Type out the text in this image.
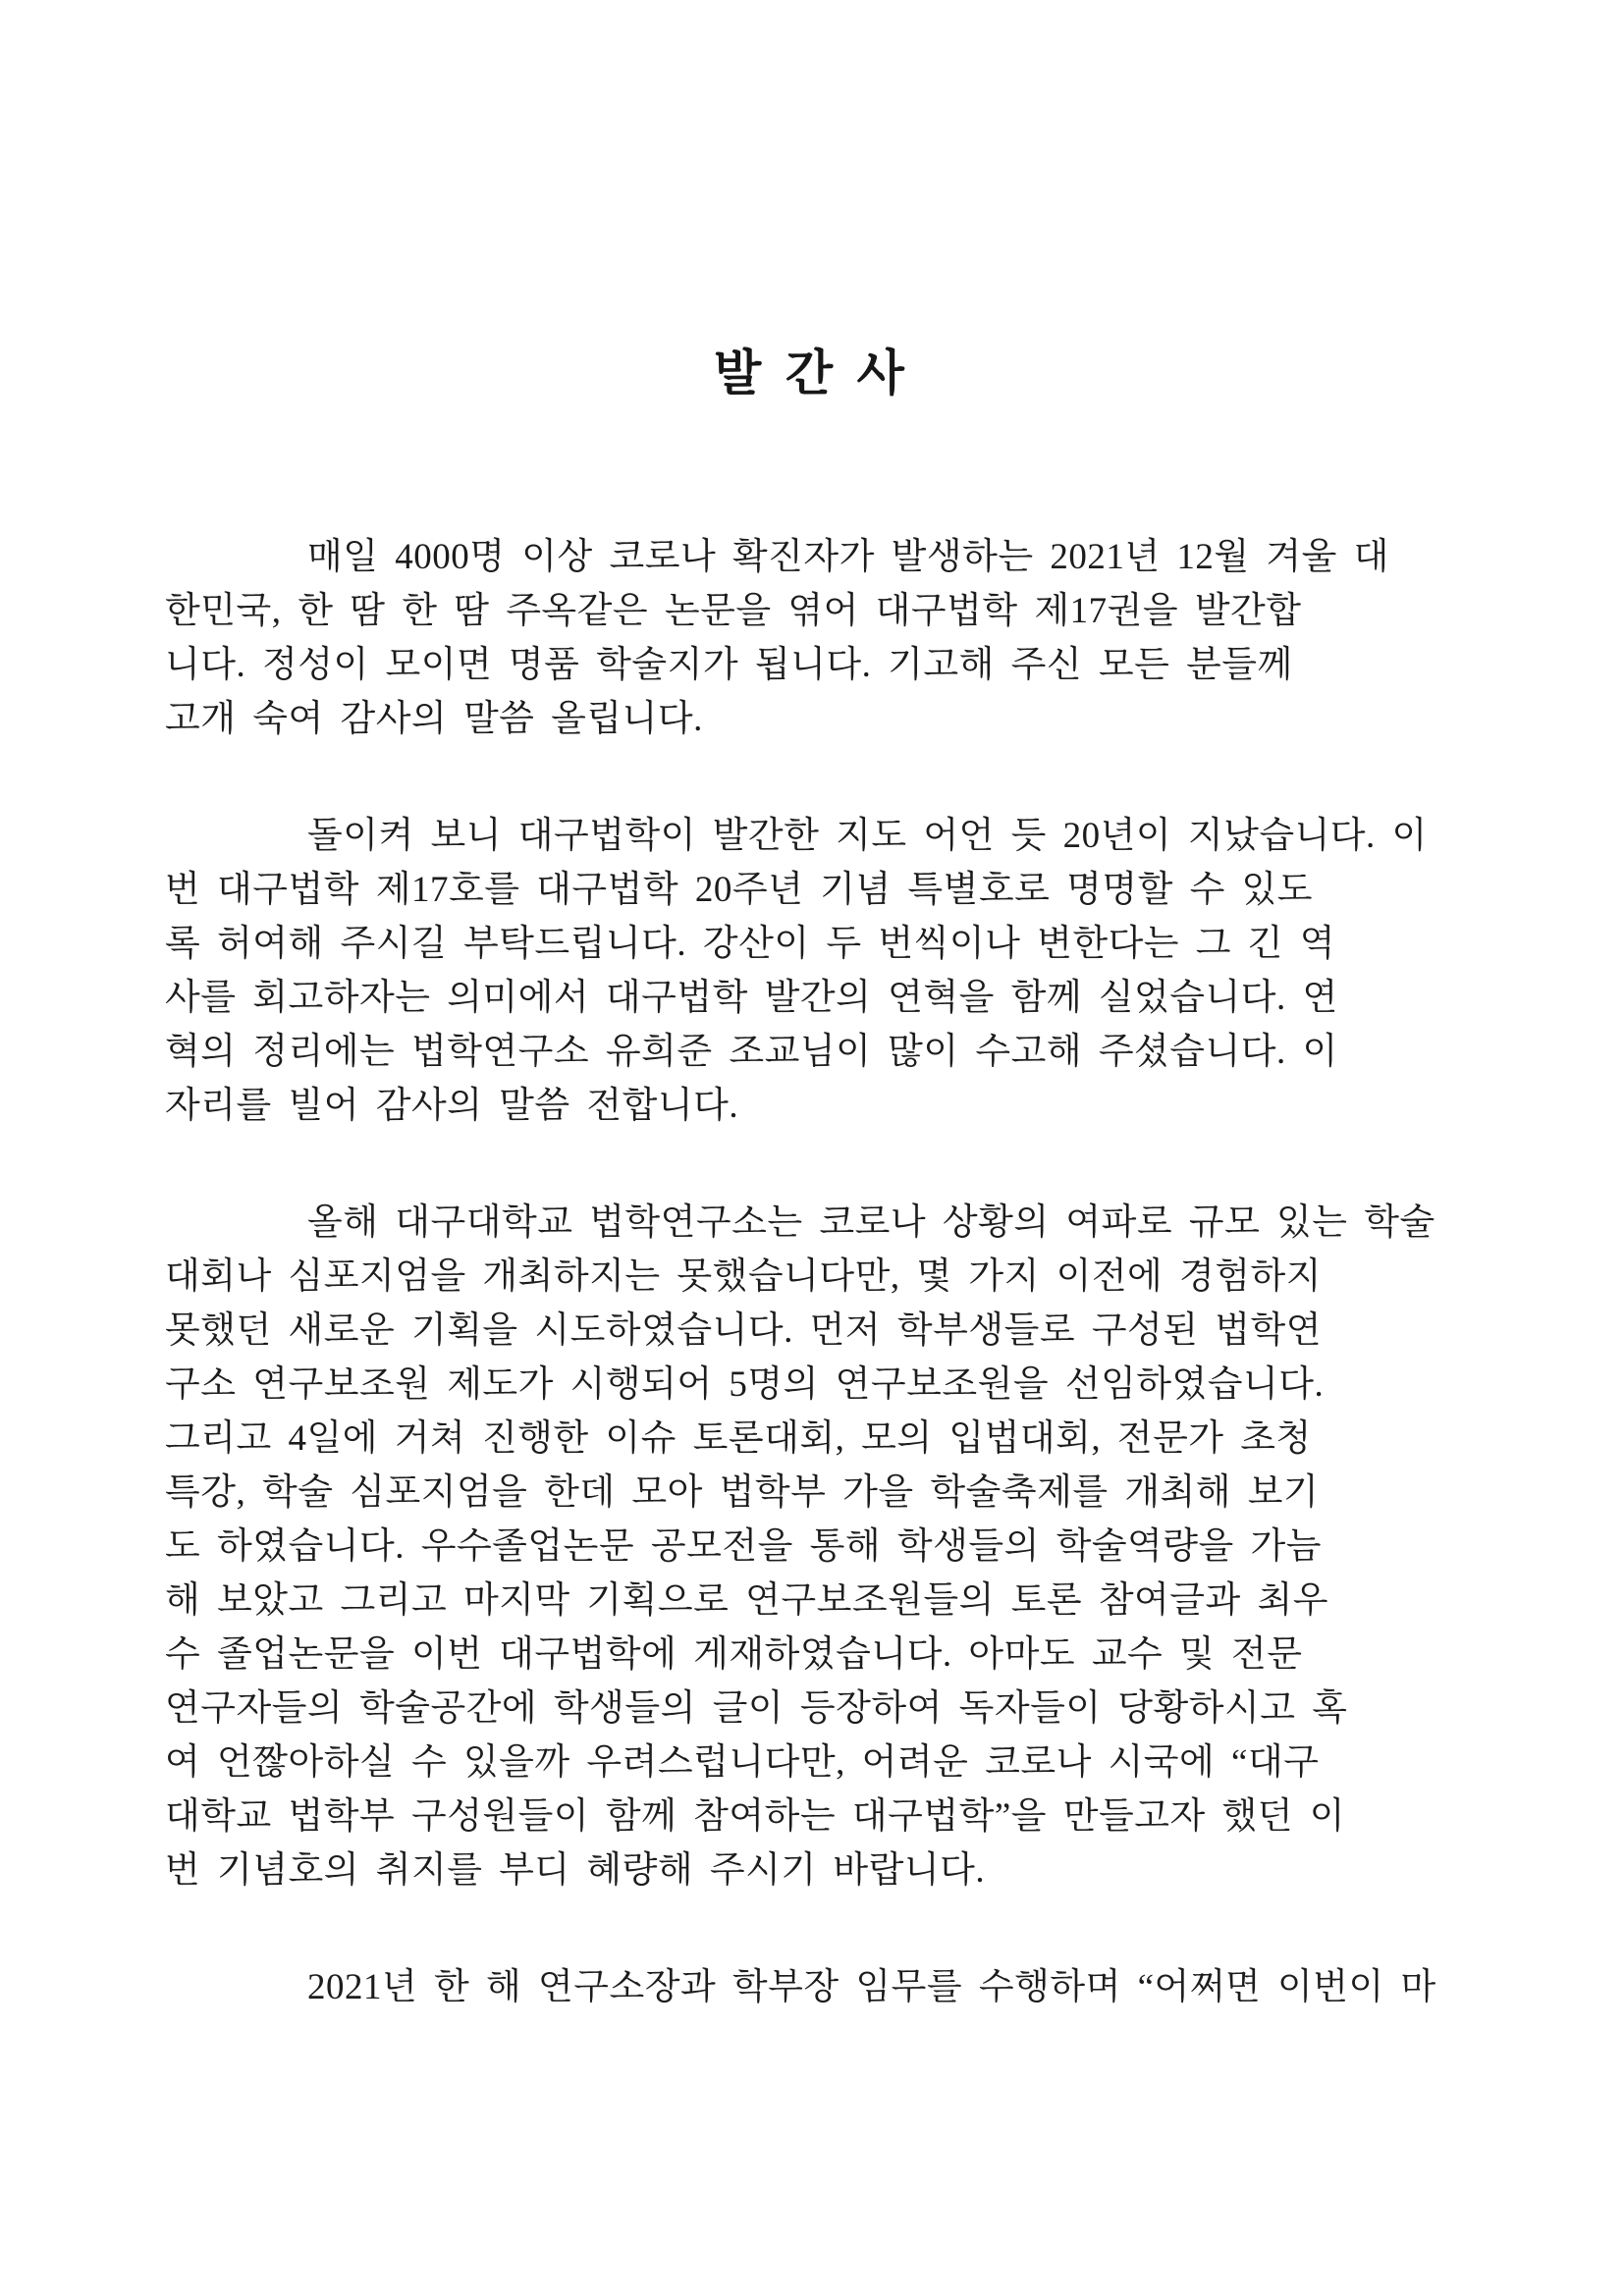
발 간 사
매일 4000명 이상 코로나 확진자가 발생하는 2021년 12월 겨울 대
한민국, 한 땀 한 땀 주옥같은 논문을 엮어 대구법학 제17권을 발간합
니다. 정성이 모이면 명품 학술지가 됩니다. 기고해 주신 모든 분들께
고개 숙여 감사의 말씀 올립니다.
돌이켜 보니 대구법학이 발간한 지도 어언 듯 20년이 지났습니다. 이
번 대구법학 제17호를 대구법학 20주년 기념 특별호로 명명할 수 있도
록 허여해 주시길 부탁드립니다. 강산이 두 번씩이나 변한다는 그 긴 역
사를 회고하자는 의미에서 대구법학 발간의 연혁을 함께 실었습니다. 연
혁의 정리에는 법학연구소 유희준 조교님이 많이 수고해 주셨습니다. 이
자리를 빌어 감사의 말씀 전합니다.
올해 대구대학교 법학연구소는 코로나 상황의 여파로 규모 있는 학술
대회나 심포지엄을 개최하지는 못했습니다만, 몇 가지 이전에 경험하지
못했던 새로운 기획을 시도하였습니다. 먼저 학부생들로 구성된 법학연
구소 연구보조원 제도가 시행되어 5명의 연구보조원을 선임하였습니다.
그리고 4일에 거쳐 진행한 이슈 토론대회, 모의 입법대회, 전문가 초청
특강, 학술 심포지엄을 한데 모아 법학부 가을 학술축제를 개최해 보기
도 하였습니다. 우수졸업논문 공모전을 통해 학생들의 학술역량을 가늠
해 보았고 그리고 마지막 기획으로 연구보조원들의 토론 참여글과 최우
수 졸업논문을 이번 대구법학에 게재하였습니다. 아마도 교수 및 전문
연구자들의 학술공간에 학생들의 글이 등장하여 독자들이 당황하시고 혹
여 언짢아하실 수 있을까 우려스럽니다만, 어려운 코로나 시국에 “대구
대학교 법학부 구성원들이 함께 참여하는 대구법학”을 만들고자 했던 이
번 기념호의 취지를 부디 혜량해 주시기 바랍니다.
2021년 한 해 연구소장과 학부장 임무를 수행하며 “어쩌면 이번이 마
